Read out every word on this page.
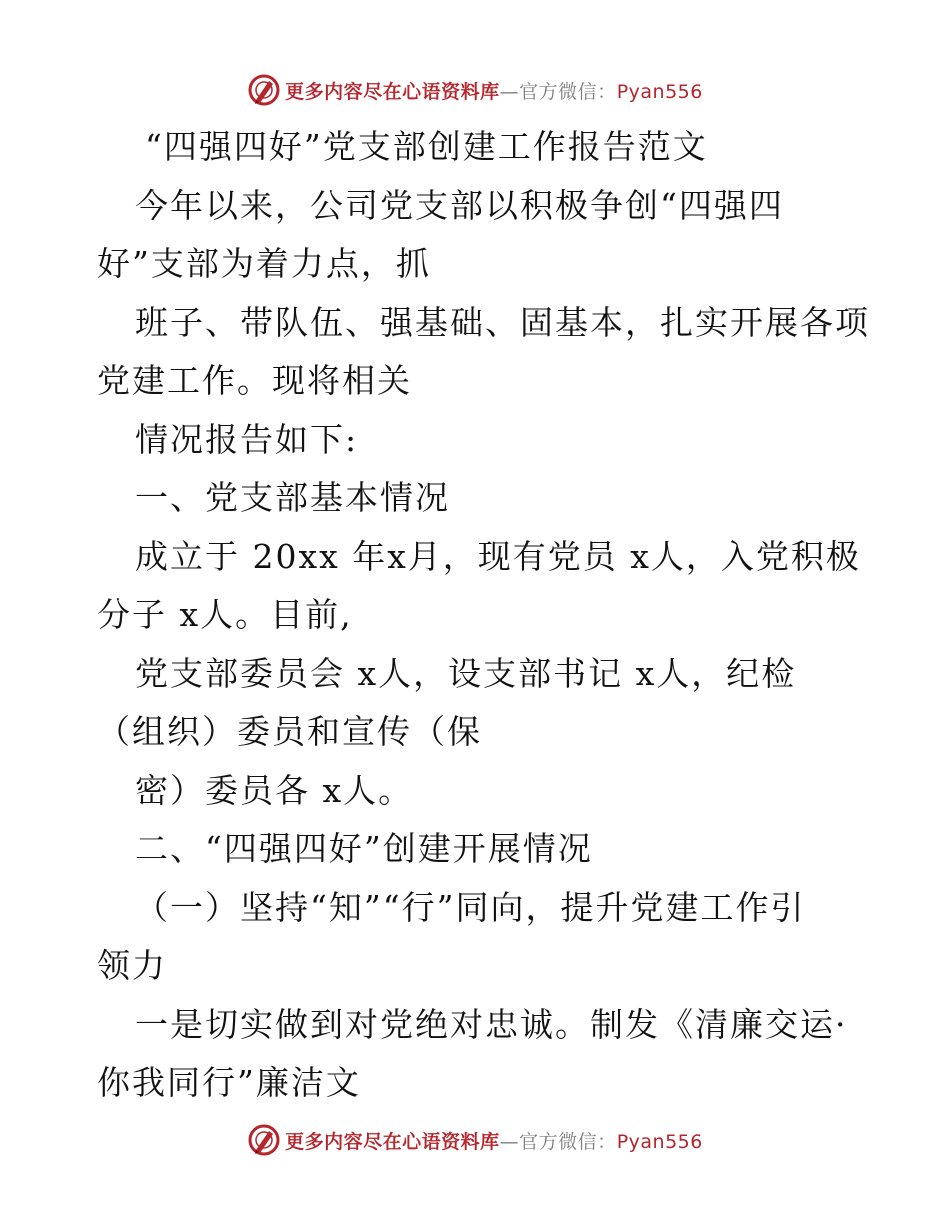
更多内容尽在心语资料库—官方微信：Pyan556
“四强四好”党支部创建工作报告范文
今年以来，公司党支部以积极争创“四强四
好”支部为着力点，抓
班子、带队伍、强基础、固基本，扎实开展各项
党建工作。现将相关
情况报告如下:
一、党支部基本情况
成立于 20xx 年x月，现有党员 x人，入党积极
分子 x人。目前,
党支部委员会 x人，设支部书记 x人，纪检
（组织）委员和宣传（保
密）委员各 x人。
二、“四强四好”创建开展情况
（一）坚持“知”“行”同向，提升党建工作引
领力
一是切实做到对党绝对忠诚。制发《清廉交运·
你我同行”廉洁文
更多内容尽在心语资料库—官方微信：Pyan556
